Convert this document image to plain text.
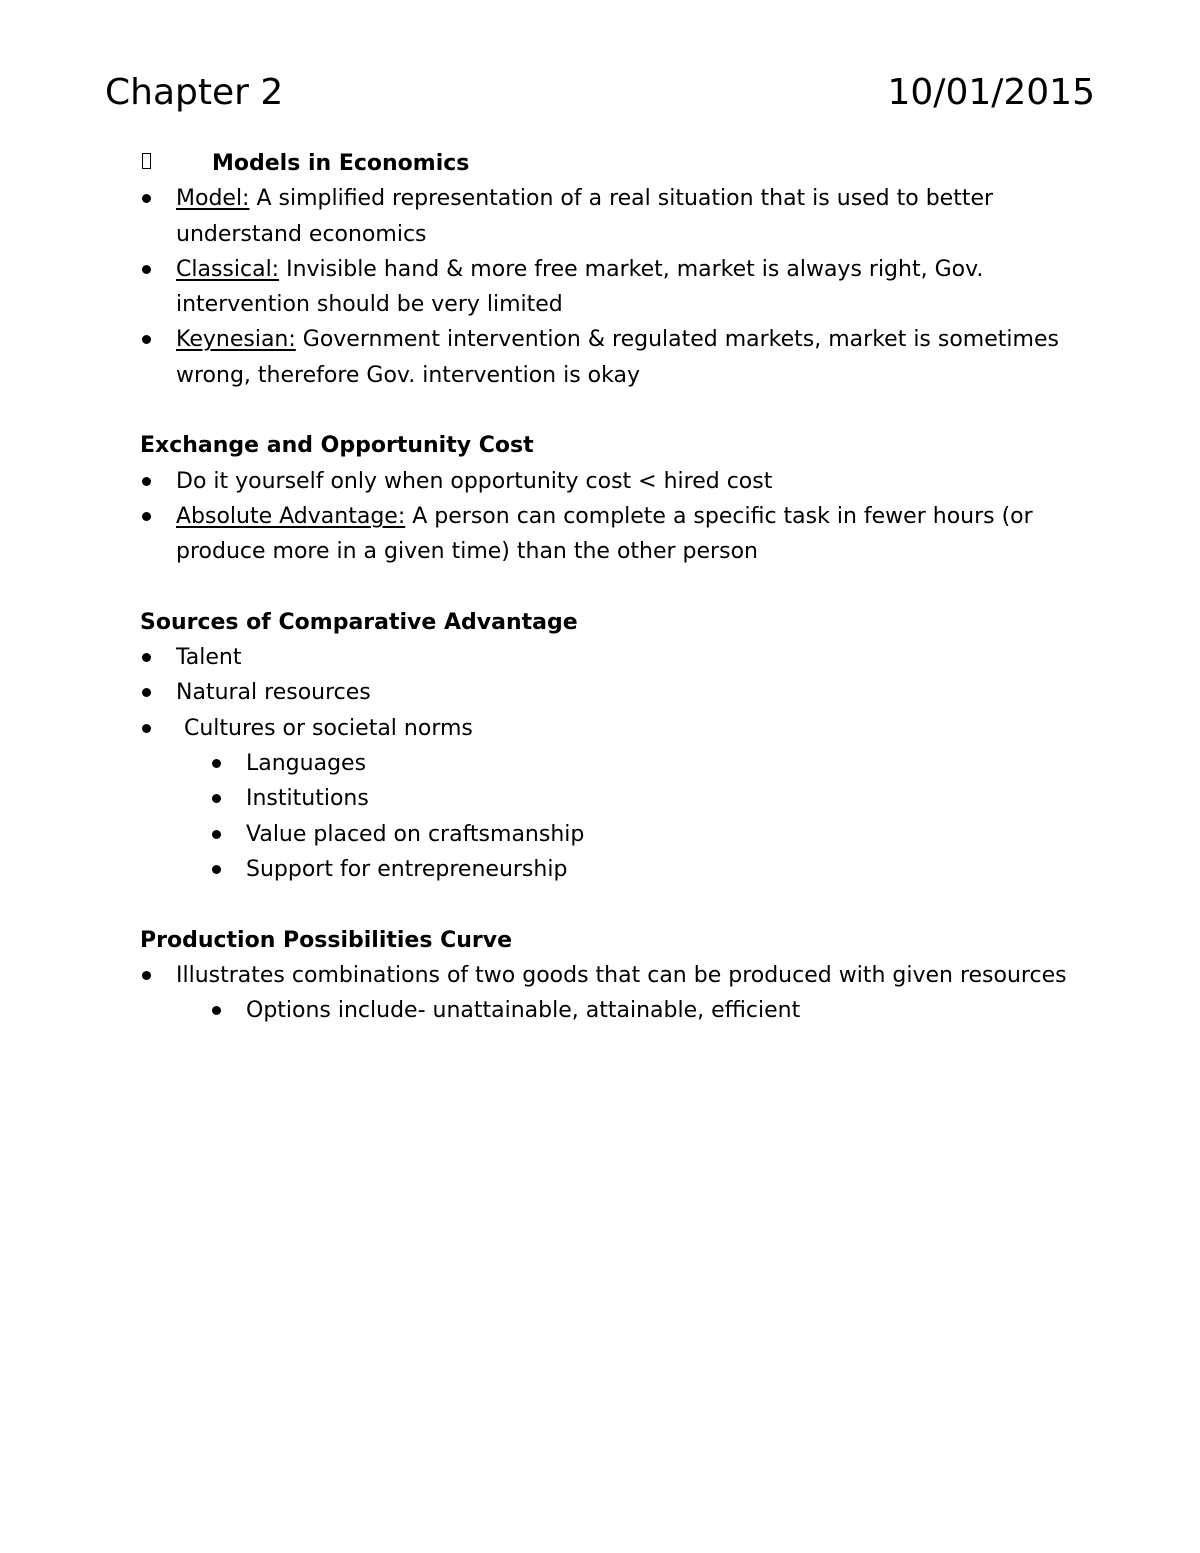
Chapter 2	10/01/2015
Models in Economics
Model: A simplified representation of a real situation that is used to better understand economics
Classical: Invisible hand & more free market, market is always right, Gov. intervention should be very limited
Keynesian: Government intervention & regulated markets, market is sometimes wrong, therefore Gov. intervention is okay
Exchange and Opportunity Cost
Do it yourself only when opportunity cost < hired cost
Absolute Advantage: A person can complete a specific task in fewer hours (or produce more in a given time) than the other person
Sources of Comparative Advantage
Talent
Natural resources
Cultures or societal norms
Languages
Institutions
Value placed on craftsmanship
Support for entrepreneurship
Production Possibilities Curve
Illustrates combinations of two goods that can be produced with given resources
Options include- unattainable, attainable, efficient
